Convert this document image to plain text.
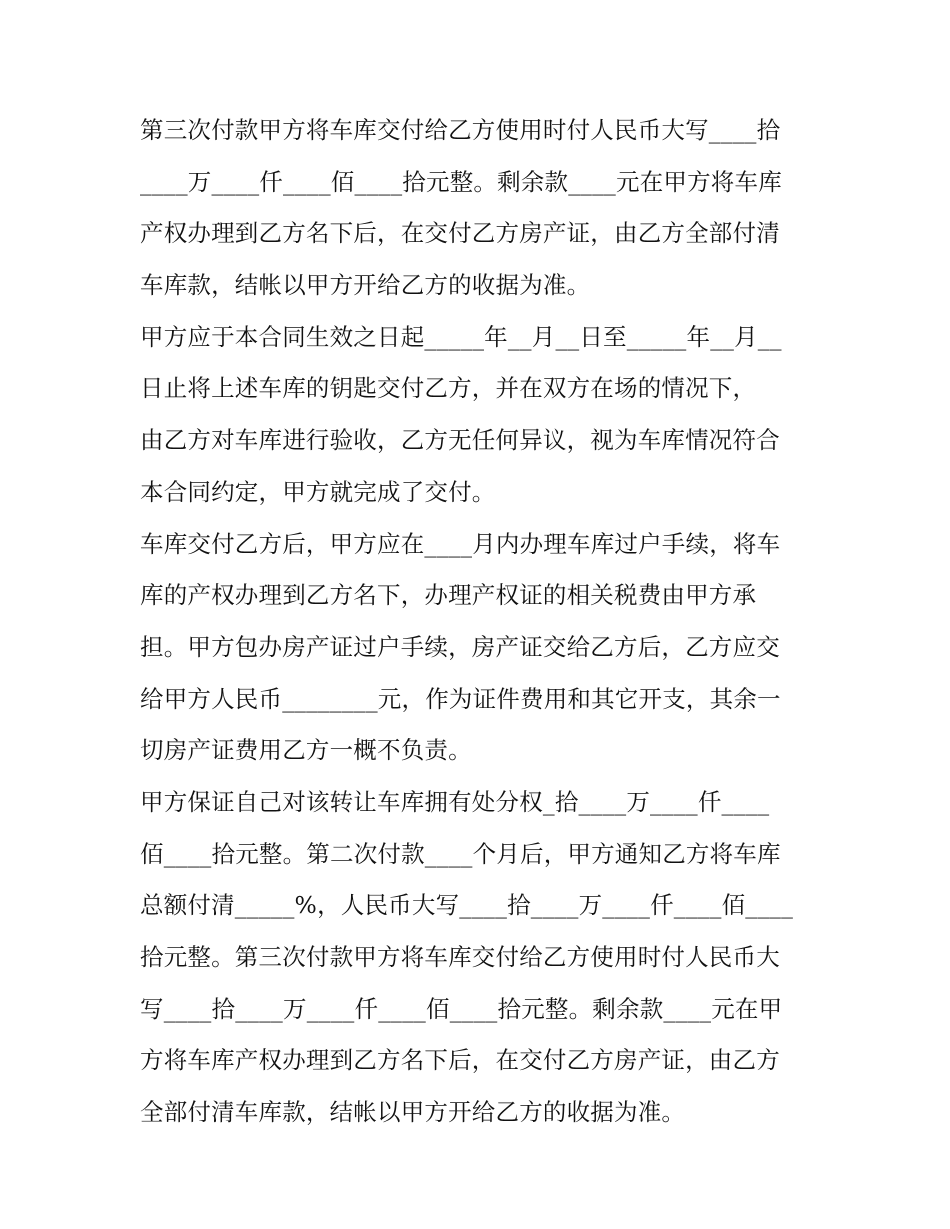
第三次付款甲方将车库交付给乙方使用时付人民币大写____拾
____万____仟____佰____拾元整。剩余款____元在甲方将车库
产权办理到乙方名下后，在交付乙方房产证，由乙方全部付清
车库款，结帐以甲方开给乙方的收据为准。
甲方应于本合同生效之日起_____年__月__日至_____年__月__
日止将上述车库的钥匙交付乙方，并在双方在场的情况下，
由乙方对车库进行验收，乙方无任何异议，视为车库情况符合
本合同约定，甲方就完成了交付。
车库交付乙方后，甲方应在____月内办理车库过户手续，将车
库的产权办理到乙方名下，办理产权证的相关税费由甲方承
担。甲方包办房产证过户手续，房产证交给乙方后，乙方应交
给甲方人民币________元，作为证件费用和其它开支，其余一
切房产证费用乙方一概不负责。
甲方保证自己对该转让车库拥有处分权_拾____万____仟____
佰____拾元整。第二次付款____个月后，甲方通知乙方将车库
总额付清_____%，人民币大写____拾____万____仟____佰____
拾元整。第三次付款甲方将车库交付给乙方使用时付人民币大
写____拾____万____仟____佰____拾元整。剩余款____元在甲
方将车库产权办理到乙方名下后，在交付乙方房产证，由乙方
全部付清车库款，结帐以甲方开给乙方的收据为准。
